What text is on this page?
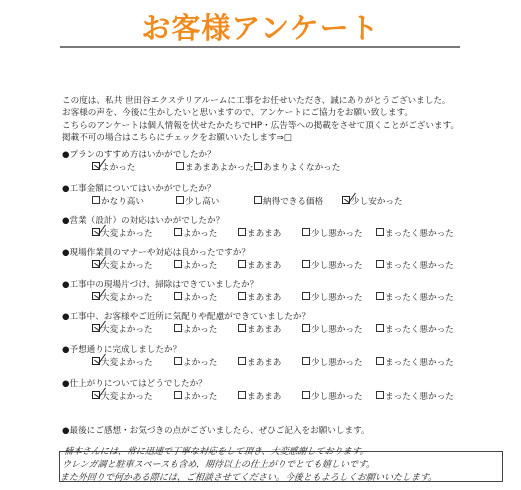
お客様アンケート
この度は、私共 世田谷エクステリアルームに工事をお任せいただき、誠にありがとうございました。
お客様の声を、今後に生かしたいと思いますので、アンケートにご協力をお願い致します。
こちらのアンケートは個人情報を伏せたかたちでHP・広告等への掲載をさせて頂くことがございます。
掲載不可の場合はこちらにチェックをお願いいたします⇒□
●プランのすすめ方はいかがでしたか？
よかった	まあまあよかった	あまりよくなかった
●工事金額についてはいかがでしたか？
かなり高い	少し高い	納得できる価格	少し安かった
●営業（設計）の対応はいかがでしたか？
大変よかった	よかった	まあまあ	少し悪かった	まったく悪かった
●現場作業員のマナーや対応は良かったですか？
大変よかった	よかった	まあまあ	少し悪かった	まったく悪かった
●工事中の現場片づけ、掃除はできていましたか？
大変よかった	よかった	まあまあ	少し悪かった	まったく悪かった
●工事中、お客様やご近所に気配りや配慮ができていましたか？
大変よかった	よかった	まあまあ	少し悪かった	まったく悪かった
●予想通りに完成しましたか？
大変よかった	よかった	まあまあ	少し悪かった	まったく悪かった
●仕上がりについてはどうでしたか？
大変よかった	よかった	まあまあ	少し悪かった	まったく悪かった
●最後にご感想・お気づきの点がございましたら、ぜひご記入をお願いします。
楠本さんには、常に迅速で丁寧な対応をして頂き、大変感謝しております。
ウレンガ調と駐車スペースも含め、期待以上の仕上がりでとても嬉しいです。
また外回りで何かある際には、ご相談させてください。今後ともよろしくお願いいたします。
